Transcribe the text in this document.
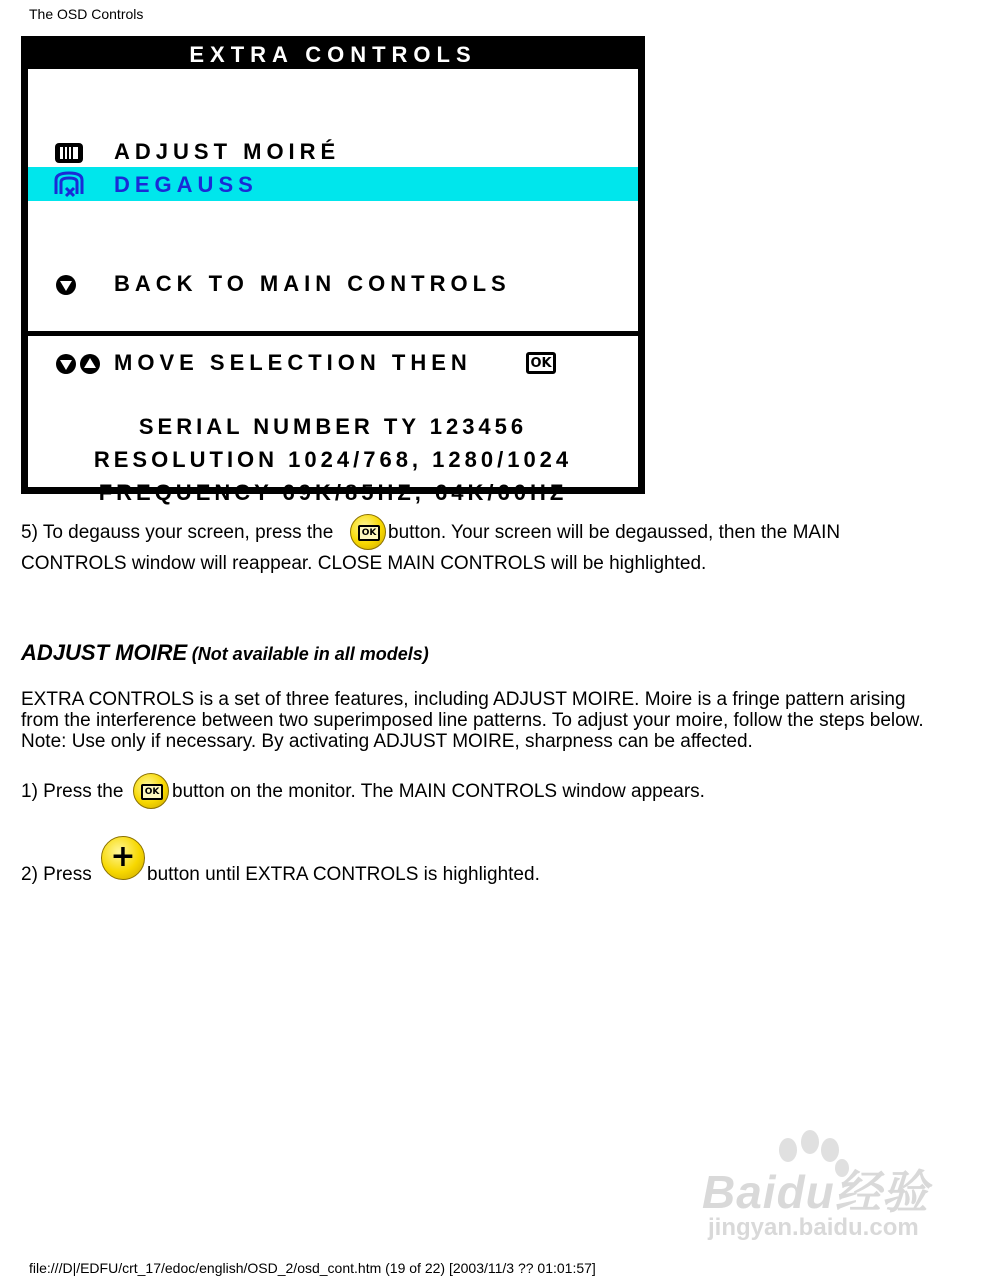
The OSD Controls
EXTRA CONTROLS
ADJUST MOIRÉ
DEGAUSS
BACK TO MAIN CONTROLS
MOVE SELECTION THEN	OK
SERIAL NUMBER TY 123456
RESOLUTION 1024/768, 1280/1024
FREQUENCY 69K/85HZ, 64K/60HZ
5) To degauss your screen, press the	OK button. Your screen will be degaussed, then the MAIN
CONTROLS window will reappear. CLOSE MAIN CONTROLS will be highlighted.
ADJUST MOIRE (Not available in all models)
EXTRA CONTROLS is a set of three features, including ADJUST MOIRE. Moire is a fringe pattern arising
from the interference between two superimposed line patterns. To adjust your moire, follow the steps below.
Note: Use only if necessary. By activating ADJUST MOIRE, sharpness can be affected.
1) Press the	OK button on the monitor. The MAIN CONTROLS window appears.
2) Press
+
button until EXTRA CONTROLS is highlighted.
Baidu经验
jingyan.baidu.com
file:///D|/EDFU/crt_17/edoc/english/OSD_2/osd_cont.htm (19 of 22) [2003/11/3 ?? 01:01:57]
